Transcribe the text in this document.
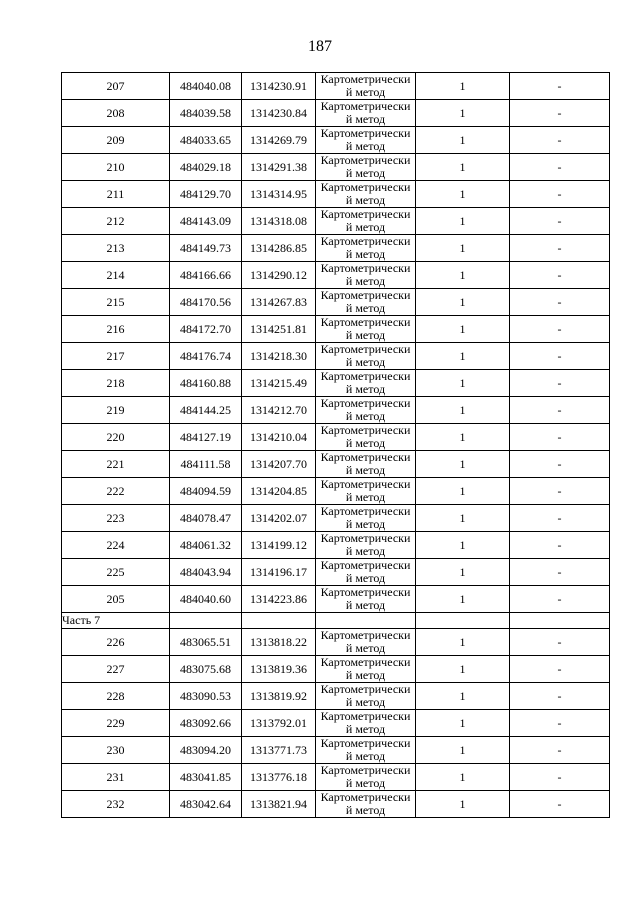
187
207	484040.08	1314230.91	Картометрически й метод	1	-
208	484039.58	1314230.84	Картометрически й метод	1	-
209	484033.65	1314269.79	Картометрически й метод	1	-
210	484029.18	1314291.38	Картометрически й метод	1	-
211	484129.70	1314314.95	Картометрически й метод	1	-
212	484143.09	1314318.08	Картометрически й метод	1	-
213	484149.73	1314286.85	Картометрически й метод	1	-
214	484166.66	1314290.12	Картометрически й метод	1	-
215	484170.56	1314267.83	Картометрически й метод	1	-
216	484172.70	1314251.81	Картометрически й метод	1	-
217	484176.74	1314218.30	Картометрически й метод	1	-
218	484160.88	1314215.49	Картометрически й метод	1	-
219	484144.25	1314212.70	Картометрически й метод	1	-
220	484127.19	1314210.04	Картометрически й метод	1	-
221	484111.58	1314207.70	Картометрически й метод	1	-
222	484094.59	1314204.85	Картометрически й метод	1	-
223	484078.47	1314202.07	Картометрически й метод	1	-
224	484061.32	1314199.12	Картометрически й метод	1	-
225	484043.94	1314196.17	Картометрически й метод	1	-
205	484040.60	1314223.86	Картометрически й метод	1	-
Часть 7					
226	483065.51	1313818.22	Картометрически й метод	1	-
227	483075.68	1313819.36	Картометрически й метод	1	-
228	483090.53	1313819.92	Картометрически й метод	1	-
229	483092.66	1313792.01	Картометрически й метод	1	-
230	483094.20	1313771.73	Картометрически й метод	1	-
231	483041.85	1313776.18	Картометрически й метод	1	-
232	483042.64	1313821.94	Картометрически й метод	1	-
